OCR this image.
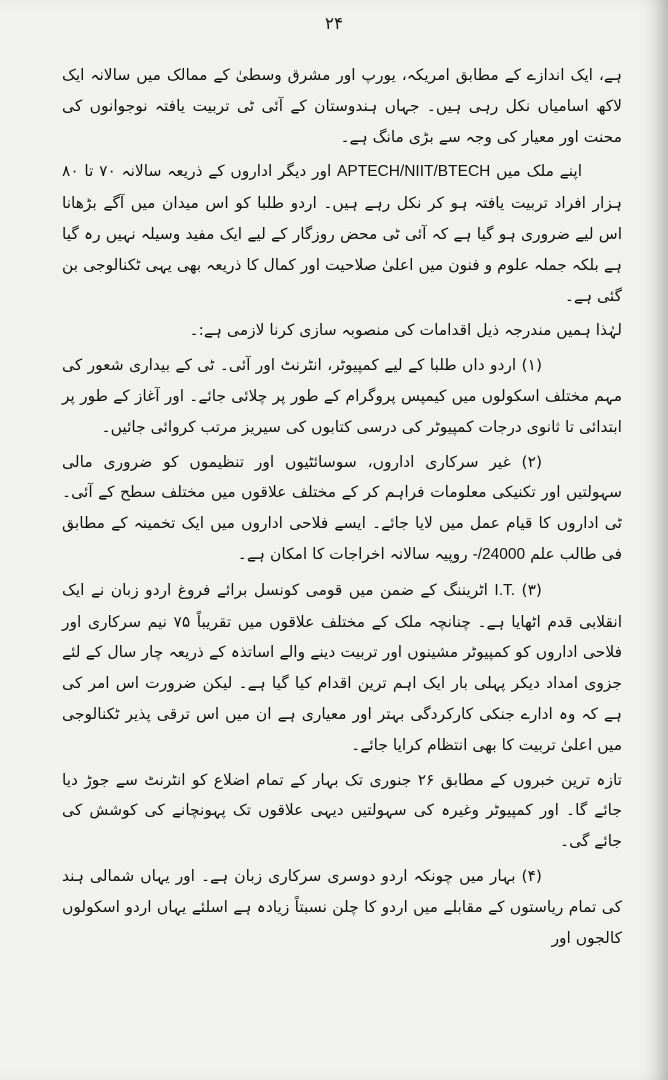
۲۴

ہے، ایک اندازے کے مطابق امریکہ، یورپ اور مشرق وسطیٰ کے ممالک میں سالانہ ایک لاکھ اسامیاں نکل رہی ہیں۔ جہاں ہندوستان کے آئی ٹی تربیت یافتہ نوجوانوں کی محنت اور معیار کی وجہ سے بڑی مانگ ہے۔

اپنے ملک میں APTECH/NIIT/BTECH اور دیگر اداروں کے ذریعہ سالانہ ۷۰ تا ۸۰ ہزار افراد تربیت یافتہ ہو کر نکل رہے ہیں۔ اردو طلبا کو اس میدان میں آگے بڑھانا اس لیے ضروری ہو گیا ہے کہ آئی ٹی محض روزگار کے لیے ایک مفید وسیلہ نہیں رہ گیا ہے بلکہ جملہ علوم و فنون میں اعلیٰ صلاحیت اور کمال کا ذریعہ بھی یہی ٹکنالوجی بن گئی ہے۔

لہٰذا ہمیں مندرجہ ذیل اقدامات کی منصوبہ سازی کرنا لازمی ہے:۔

(۱) اردو داں طلبا کے لیے کمپیوٹر، انٹرنٹ اور آئی۔ ٹی کے بیداری شعور کی مہم مختلف اسکولوں میں کیمپس پروگرام کے طور پر چلائی جائے۔ اور آغاز کے طور پر ابتدائی تا ثانوی درجات کمپیوٹر کی درسی کتابوں کی سیریز مرتب کروائی جائیں۔

(۲) غیر سرکاری اداروں، سوسائٹیوں اور تنظیموں کو ضروری مالی سہولتیں اور تکنیکی معلومات فراہم کر کے مختلف علاقوں میں مختلف سطح کے آئی۔ ٹی اداروں کا قیام عمل میں لایا جائے۔ ایسے فلاحی اداروں میں ایک تخمینہ کے مطابق فی طالب علم -/24000 روپیہ سالانہ اخراجات کا امکان ہے۔

(۳) I.T. اٹریننگ کے ضمن میں قومی کونسل برائے فروغ اردو زبان نے ایک انقلابی قدم اٹھایا ہے۔ چنانچہ ملک کے مختلف علاقوں میں تقریباً ۷۵ نیم سرکاری اور فلاحی اداروں کو کمپیوٹر مشینوں اور تربیت دینے والے اساتذہ کے ذریعہ چار سال کے لئے جزوی امداد دیکر پہلی بار ایک اہم ترین اقدام کیا گیا ہے۔ لیکن ضرورت اس امر کی ہے کہ وہ ادارے جنکی کارکردگی بہتر اور معیاری ہے ان میں اس ترقی پذیر ٹکنالوجی میں اعلیٰ تربیت کا بھی انتظام کرایا جائے۔

تازہ ترین خبروں کے مطابق ۲۶ جنوری تک بہار کے تمام اضلاع کو انٹرنٹ سے جوڑ دیا جائے گا۔ اور کمپیوٹر وغیرہ کی سہولتیں دیہی علاقوں تک پہونچانے کی کوشش کی جائے گی۔

(۴) بہار میں چونکہ اردو دوسری سرکاری زبان ہے۔ اور یہاں شمالی ہند کی تمام ریاستوں کے مقابلے میں اردو کا چلن نسبتاً زیادہ ہے اسلئے یہاں اردو اسکولوں کالجوں اور
